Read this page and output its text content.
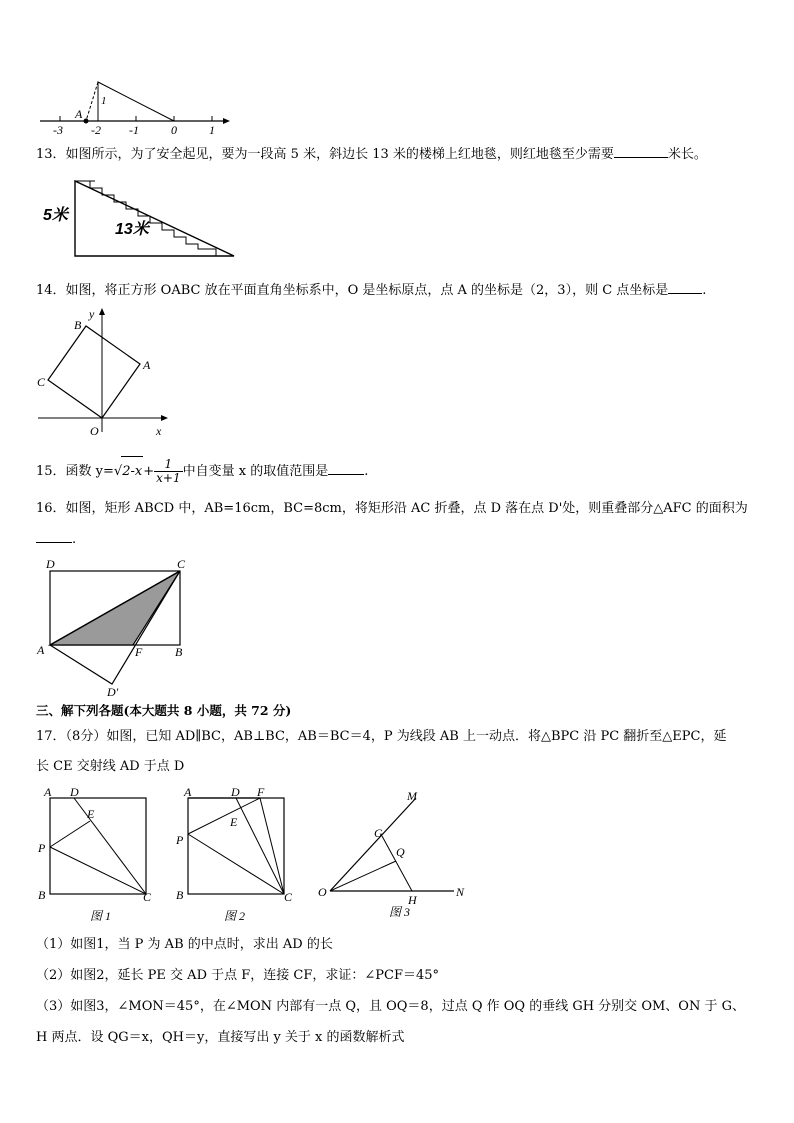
A
1
-3 -2 -1	0	1
13．如图所示，为了安全起见，要为一段高 5 米，斜边长 13 米的楼梯上红地毯，则红地毯至少需要	米长。
5米
13米
14．如图，将正方形 OABC 放在平面直角坐标系中，O 是坐标原点，点 A 的坐标是（2，3），则 C 点坐标是	.
B
A
C
O	x
y
15．函数 $y=√2-x+ \frac{1}{x+1}$ 中自变量 x 的取值范围是	.
16．如图，矩形 ABCD 中，AB=16cm，BC=8cm，将矩形沿 AC 折叠，点 D 落在点 D'处，则重叠部分△AFC 的面积为
.
D	C
A	F	B
D'
三、解下列各题(本大题共 8 小题，共 72 分)
17．（8分）如图，已知 AD∥BC，AB⊥BC，AB＝BC＝4，P 为线段 AB 上一动点．将△BPC 沿 PC 翻折至△EPC，延
长 CE 交射线 AD 于点 D
A D
E
P
B	C
图 1
A	D F
E
P
B	C
图 2
M
G
Q
O
H
N
图 3
（1）如图1，当 P 为 AB 的中点时，求出 AD 的长
（2）如图2，延长 PE 交 AD 于点 F，连接 CF，求证：∠PCF＝45°
（3）如图3，∠MON＝45°，在∠MON 内部有一点 Q，且 OQ＝8，过点 Q 作 OQ 的垂线 GH 分别交 OM、ON 于 G、
H 两点．设 QG＝x，QH＝y，直接写出 y 关于 x 的函数解析式
